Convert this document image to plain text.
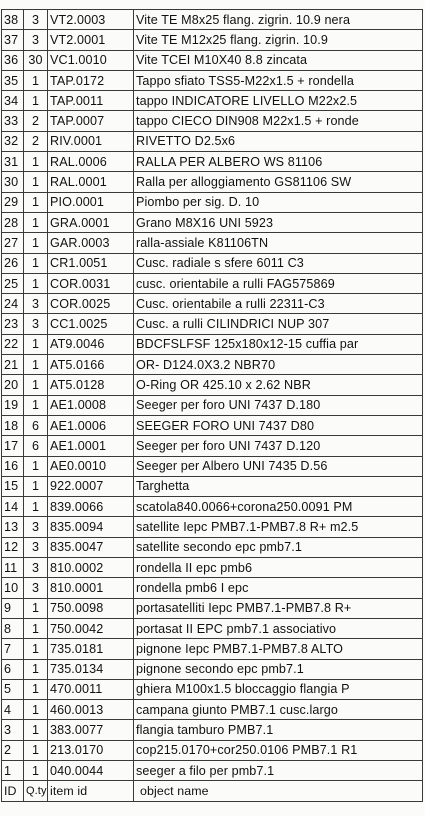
38	3	VT2.0003	Vite TE M8x25 flang. zigrin. 10.9 nera
37	3	VT2.0001	Vite TE M12x25 flang. zigrin. 10.9
36	30	VC1.0010	Vite TCEI M10X40 8.8 zincata
35	1	TAP.0172	Tappo sfiato TSS5-M22x1.5 + rondella
34	1	TAP.0011	tappo INDICATORE LIVELLO M22x2.5
33	2	TAP.0007	tappo CIECO DIN908 M22x1.5 + ronde
32	2	RIV.0001	RIVETTO D2.5x6
31	1	RAL.0006	RALLA PER ALBERO WS 81106
30	1	RAL.0001	Ralla per alloggiamento GS81106 SW
29	1	PIO.0001	Piombo per sig. D. 10
28	1	GRA.0001	Grano M8X16 UNI 5923
27	1	GAR.0003	ralla-assiale K81106TN
26	1	CR1.0051	Cusc. radiale s sfere 6011 C3
25	1	COR.0031	cusc. orientabile a rulli FAG575869
24	3	COR.0025	Cusc. orientabile a rulli 22311-C3
23	3	CC1.0025	Cusc. a rulli CILINDRICI NUP 307
22	1	AT9.0046	BDCFSLFSF 125x180x12-15 cuffia par
21	1	AT5.0166	OR- D124.0X3.2 NBR70
20	1	AT5.0128	O-Ring OR 425.10 x 2.62 NBR
19	1	AE1.0008	Seeger per foro UNI 7437 D.180
18	6	AE1.0006	SEEGER FORO UNI 7437 D80
17	6	AE1.0001	Seeger per foro UNI 7437 D.120
16	1	AE0.0010	Seeger per Albero UNI 7435 D.56
15	1	922.0007	Targhetta
14	1	839.0066	scatola840.0066+corona250.0091 PM
13	3	835.0094	satellite Iepc PMB7.1-PMB7.8 R+ m2.5
12	3	835.0047	satellite secondo epc pmb7.1
11	3	810.0002	rondella II epc pmb6
10	3	810.0001	rondella pmb6 I epc
9	1	750.0098	portasatelliti Iepc PMB7.1-PMB7.8 R+
8	1	750.0042	portasat II EPC pmb7.1 associativo
7	1	735.0181	pignone Iepc PMB7.1-PMB7.8 ALTO
6	1	735.0134	pignone secondo epc pmb7.1
5	1	470.0011	ghiera M100x1.5 bloccaggio flangia P
4	1	460.0013	campana giunto PMB7.1 cusc.largo
3	1	383.0077	flangia tamburo PMB7.1
2	1	213.0170	cop215.0170+cor250.0106 PMB7.1 R1
1	1	040.0044	seeger a filo per pmb7.1
ID	Q.ty	item id	object name
